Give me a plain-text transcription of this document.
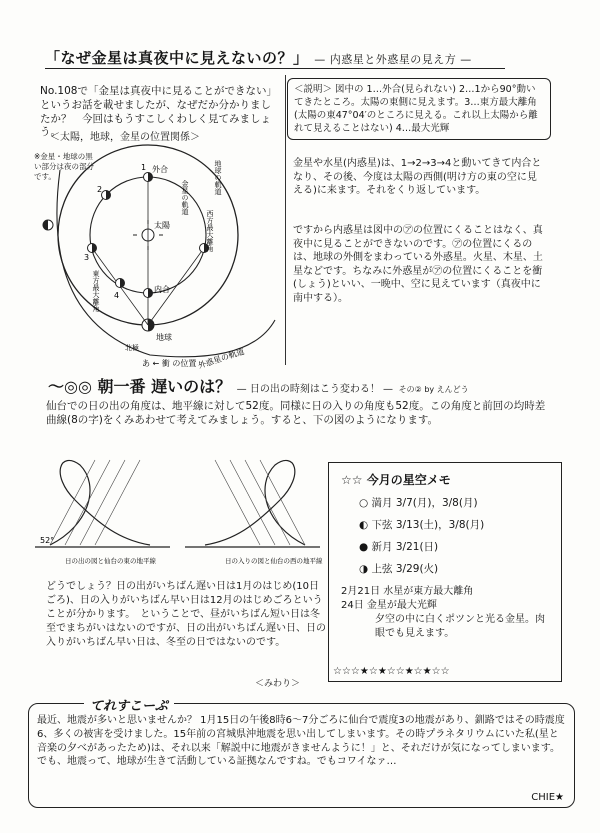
「なぜ金星は真夜中に見えないの？」 — 内惑星と外惑星の見え方 —
No.108で「金星は真夜中に見ることができない」というお話を載せましたが、なぜだか分かりましたか？　今回はもうすこしくわしく見てみましょう。
＜太陽，地球，金星の位置関係＞
1
2
3
4
外合
太陽
内合
地球
北極
東方最大離角
西方最大離角
金星の軌道
地球の軌道
外惑星の軌道
あ ← 衝 の位置
※金星・地球の黒い部分は夜の部分です。
＜説明＞ 図中の 1…外合(見られない) 2…1から90°動いてきたところ。太陽の東側に見えます。3…東方最大離角(太陽の東47°04′のところに見える。これ以上太陽から離れて見えることはない) 4…最大光輝
金星や水星(内惑星)は、1→2→3→4と動いてきて内合となり、その後、今度は太陽の西側(明け方の東の空に見える)に来ます。それをくり返しています。
ですから内惑星は図中の㋐の位置にくることはなく、真夜中に見ることができないのです。㋐の位置にくるのは、地球の外側をまわっている外惑星。火星、木星、土星などです。ちなみに外惑星が㋐の位置にくることを衝(しょう)といい、一晩中、空に見えています（真夜中に南中する）。
〜◎◎ 朝一番 遅いのは？ — 日の出の時刻はこう変わる！ — その② by えんどう
仙台での日の出の角度は、地平線に対して52度。同様に日の入りの角度も52度。この角度と前回の均時差曲線(8の字)をくみあわせて考えてみましょう。すると、下の図のようになります。
52°
日の出の図と仙台の東の地平線	日の入りの図と仙台の西の地平線
どうでしょう？日の出がいちばん遅い日は1月のはじめ(10日ごろ)、日の入りがいちばん早い日は12月のはじめごろということが分かります。　ということで、昼がいちばん短い日は冬至でまちがいはないのですが、日の出がいちばん遅い日、日の入りがいちばん早い日は、冬至の日ではないのです。
＜みわり＞
☆☆ 今月の星空メモ
○ 満月 3/7(月)，3/8(月)
◐ 下弦 3/13(土)，3/8(月)
● 新月 3/21(日)
◑ 上弦 3/29(火)
2月21日 水星が東方最大離角
24日 金星が最大光輝
夕空の中に白くポツンと光る金星。肉眼でも見えます。
☆☆☆★☆★☆☆★☆★☆☆
てれすこーぷ
最近、地震が多いと思いませんか？ 1月15日の午後8時6〜7分ごろに仙台で震度3の地震があり、釧路ではその時震度6、多くの被害を受けました。15年前の宮城県沖地震を思い出してしまいます。その時プラネタリウムにいた私(星と音楽の夕べがあったため)は、それ以来「解説中に地震がきませんように！」と、それだけが気になってしまいます。でも、地震って、地球が生きて活動している証拠なんですね。でもコワイなァ…
CHIE★
